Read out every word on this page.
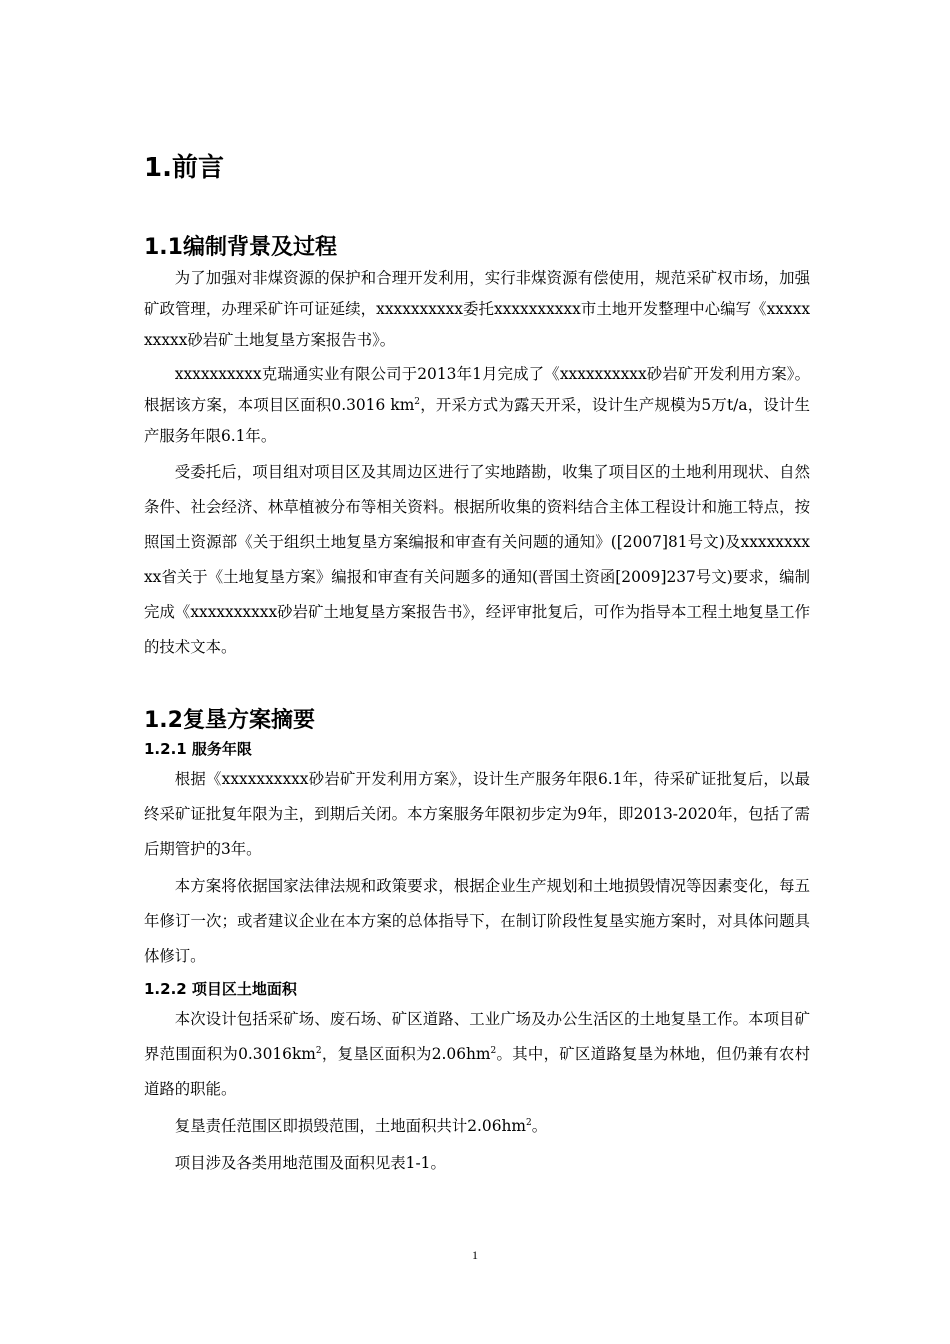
1.前言
1.1编制背景及过程

为了加强对非煤资源的保护和合理开发利用，实行非煤资源有偿使用，规范采矿权市场，加强矿政管理，办理采矿许可证延续，xxxxxxxxxx委托xxxxxxxxxx市土地开发整理中心编写《xxxxxxxxxx砂岩矿土地复垦方案报告书》。

xxxxxxxxxx克瑞通实业有限公司于2013年1月完成了《xxxxxxxxxx砂岩矿开发利用方案》。根据该方案，本项目区面积0.3016 $km^2$，开采方式为露天开采，设计生产规模为5万t/a，设计生产服务年限6.1年。

受委托后，项目组对项目区及其周边区进行了实地踏勘，收集了项目区的土地利用现状、自然条件、社会经济、林草植被分布等相关资料。根据所收集的资料结合主体工程设计和施工特点，按照国土资源部《关于组织土地复垦方案编报和审查有关问题的通知》([2007]81号文)及xxxxxxxxxx省关于《土地复垦方案》编报和审查有关问题多的通知(晋国土资函[2009]237号文)要求，编制完成《xxxxxxxxxx砂岩矿土地复垦方案报告书》，经评审批复后，可作为指导本工程土地复垦工作的技术文本。

1.2复垦方案摘要
1.2.1 服务年限

根据《xxxxxxxxxx砂岩矿开发利用方案》，设计生产服务年限6.1年，待采矿证批复后，以最终采矿证批复年限为主，到期后关闭。本方案服务年限初步定为9年，即2013-2020年，包括了需后期管护的3年。

本方案将依据国家法律法规和政策要求，根据企业生产规划和土地损毁情况等因素变化，每五年修订一次；或者建议企业在本方案的总体指导下，在制订阶段性复垦实施方案时，对具体问题具体修订。

1.2.2 项目区土地面积

本次设计包括采矿场、废石场、矿区道路、工业广场及办公生活区的土地复垦工作。本项目矿界范围面积为$0.3016km^2$，复垦区面积为$2.06hm^2$。其中，矿区道路复垦为林地，但仍兼有农村道路的职能。

复垦责任范围区即损毁范围，土地面积共计$2.06hm^2$。

项目涉及各类用地范围及面积见表1-1。

1
